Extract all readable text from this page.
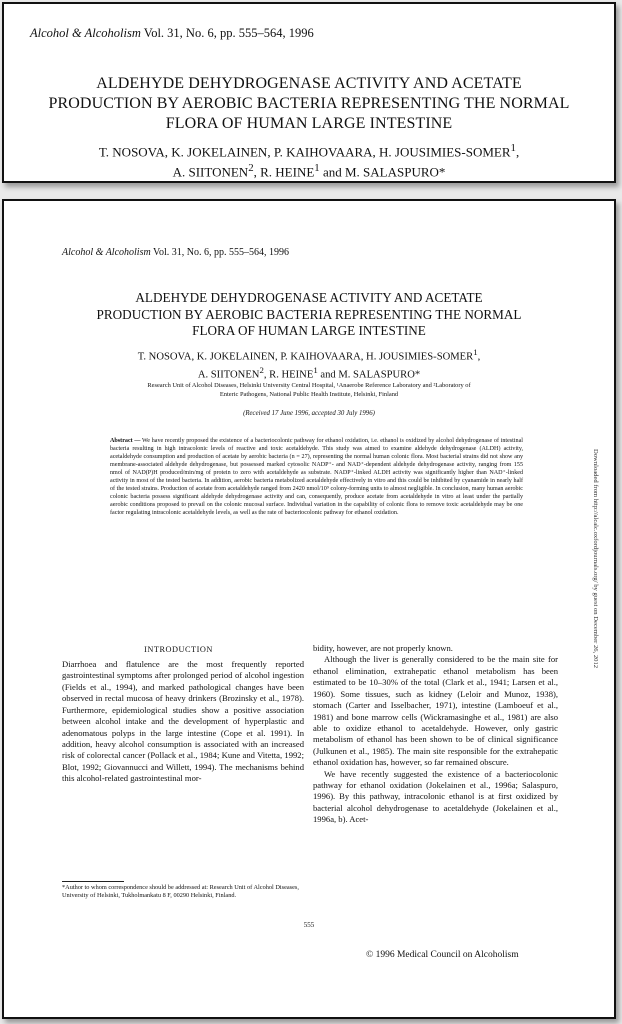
Alcohol & Alcoholism Vol. 31, No. 6, pp. 555–564, 1996
ALDEHYDE DEHYDROGENASE ACTIVITY AND ACETATE
PRODUCTION BY AEROBIC BACTERIA REPRESENTING THE NORMAL
FLORA OF HUMAN LARGE INTESTINE
T. NOSOVA, K. JOKELAINEN, P. KAIHOVAARA, H. JOUSIMIES-SOMER$^1$,
A. SIITONEN$^2$, R. HEINE$^1$ and M. SALASPURO*
Alcohol & Alcoholism Vol. 31, No. 6, pp. 555–564, 1996
ALDEHYDE DEHYDROGENASE ACTIVITY AND ACETATE
PRODUCTION BY AEROBIC BACTERIA REPRESENTING THE NORMAL
FLORA OF HUMAN LARGE INTESTINE
T. NOSOVA, K. JOKELAINEN, P. KAIHOVAARA, H. JOUSIMIES-SOMER$^1$,
A. SIITONEN$^2$, R. HEINE$^1$ and M. SALASPURO*
Research Unit of Alcohol Diseases, Helsinki University Central Hospital, ¹Anaerobe Reference Laboratory and ²Laboratory of
Enteric Pathogens, National Public Health Institute, Helsinki, Finland
(Received 17 June 1996, accepted 30 July 1996)
Abstract — We have recently proposed the existence of a bacteriocolonic pathway for ethanol oxidation, i.e. ethanol is oxidized by alcohol dehydrogenase of intestinal bacteria resulting in high intracolonic levels of reactive and toxic acetaldehyde. This study was aimed to examine aldehyde dehydrogenase (ALDH) activity, acetaldehyde consumption and production of acetate by aerobic bacteria (n = 27), representing the normal human colonic flora. Most bacterial strains did not show any membrane-associated aldehyde dehydrogenase, but possessed marked cytosolic NADP⁺- and NAD⁺-dependent aldehyde dehydrogenase activity, ranging from 155 nmol of NAD(P)H produced/min/mg of protein to zero with acetaldehyde as substrate. NADP⁺-linked ALDH activity was significantly higher than NAD⁺-linked activity in most of the tested bacteria. In addition, aerobic bacteria metabolized acetaldehyde effectively in vitro and this could be inhibited by cyanamide in nearly half of the tested strains. Production of acetate from acetaldehyde ranged from 2420 nmol/10⁹ colony-forming units to almost negligible. In conclusion, many human aerobic colonic bacteria possess significant aldehyde dehydrogenase activity and can, consequently, produce acetate from acetaldehyde in vitro at least under the partially aerobic conditions proposed to prevail on the colonic mucosal surface. Individual variation in the capability of colonic flora to remove toxic acetaldehyde may be one factor regulating intracolonic acetaldehyde levels, as well as the rate of bacteriocolonic pathway for ethanol oxidation.	Downloaded from http://alcalc.oxfordjournals.org/ by guest on December 26, 2012
INTRODUCTION

Diarrhoea and flatulence are the most frequently reported gastrointestinal symptoms after prolonged period of alcohol ingestion (Fields et al., 1994), and marked pathological changes have been observed in rectal mucosa of heavy drinkers (Brozinsky et al., 1978). Furthermore, epidemiological studies show a positive association between alcohol intake and the development of hyperplastic and adenomatous polyps in the large intestine (Cope et al. 1991). In addition, heavy alcohol consumption is associated with an increased risk of colorectal cancer (Pollack et al., 1984; Kune and Vitetta, 1992; Blot, 1992; Giovannucci and Willett, 1994). The mechanisms behind this alcohol-related gastrointestinal mor-

bidity, however, are not properly known.

Although the liver is generally considered to be the main site for ethanol elimination, extrahepatic ethanol metabolism has been estimated to be 10–30% of the total (Clark et al., 1941; Larsen et al., 1960). Some tissues, such as kidney (Leloir and Munoz, 1938), stomach (Carter and Isselbacher, 1971), intestine (Lamboeuf et al., 1981) and bone marrow cells (Wickramasinghe et al., 1981) are also able to oxidize ethanol to acetaldehyde. However, only gastric metabolism of ethanol has been shown to be of clinical significance (Julkunen et al., 1985). The main site responsible for the extrahepatic ethanol oxidation has, however, so far remained obscure.

We have recently suggested the existence of a bacteriocolonic pathway for ethanol oxidation (Jokelainen et al., 1996a; Salaspuro, 1996). By this pathway, intracolonic ethanol is at first oxidized by bacterial alcohol dehydrogenase to acetaldehyde (Jokelainen et al., 1996a, b). Acet-

*Author to whom correspondence should be addressed at: Research Unit of Alcohol Diseases, University of Helsinki, Tukholmankatu 8 F, 00290 Helsinki, Finland.
555
© 1996 Medical Council on Alcoholism
